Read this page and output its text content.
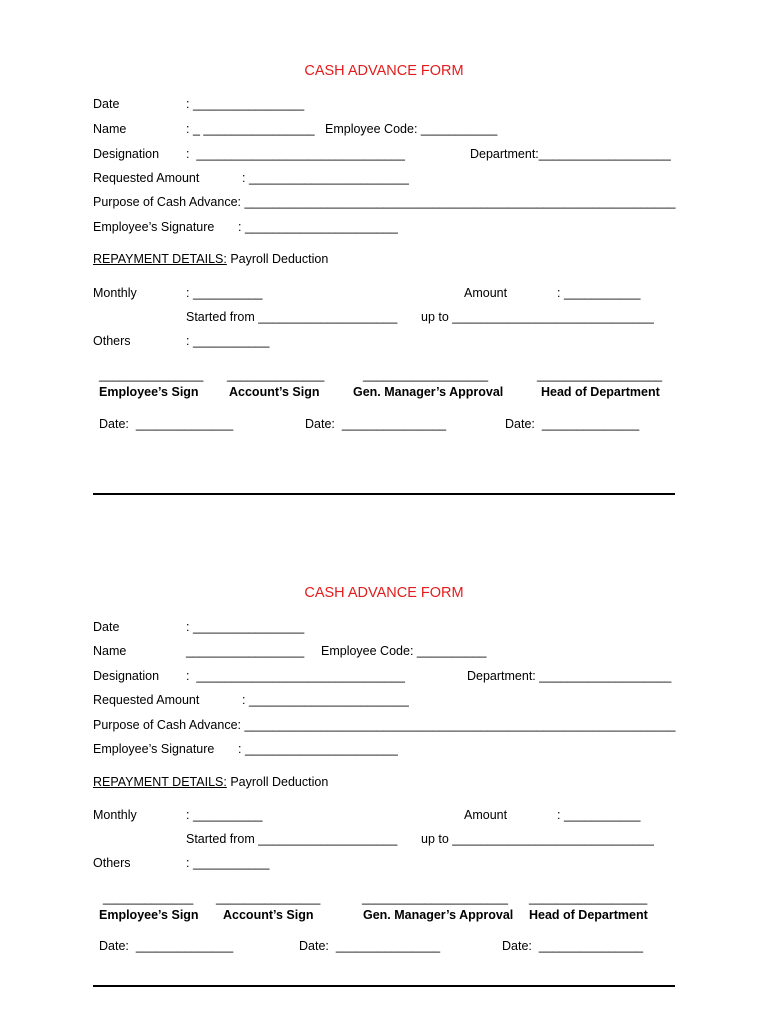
CASH ADVANCE FORM
Date	: ________________
Name	: _ ________________ Employee Code: ___________
Designation :  ______________________________	Department:___________________
Requested Amount	: _______________________
Purpose of Cash Advance: ______________________________________________________________
Employee’s Signature : ______________________
REPAYMENT DETAILS: Payroll Deduction
Monthly	: __________	Amount	: ___________
Started from ____________________ up to _____________________________
Others	: ___________
_______________ ______________	__________________	__________________
Employee’s Sign Account’s Sign	Gen. Manager’s Approval	Head of Department
Date:  ______________	Date:  _______________	Date:  ______________
CASH ADVANCE FORM
Date	: ________________
Name	_________________ Employee Code: __________
Designation :  ______________________________	Department: ___________________
Requested Amount	: _______________________
Purpose of Cash Advance: ______________________________________________________________
Employee’s Signature : ______________________
REPAYMENT DETAILS: Payroll Deduction
Monthly	: __________	Amount	: ___________
Started from ____________________ up to _____________________________
Others	: ___________
_____________ _______________	_____________________ _________________
Employee’s Sign Account’s Sign	Gen. Manager’s Approval Head of Department
Date:  ______________	Date:  _______________	Date:  _______________
